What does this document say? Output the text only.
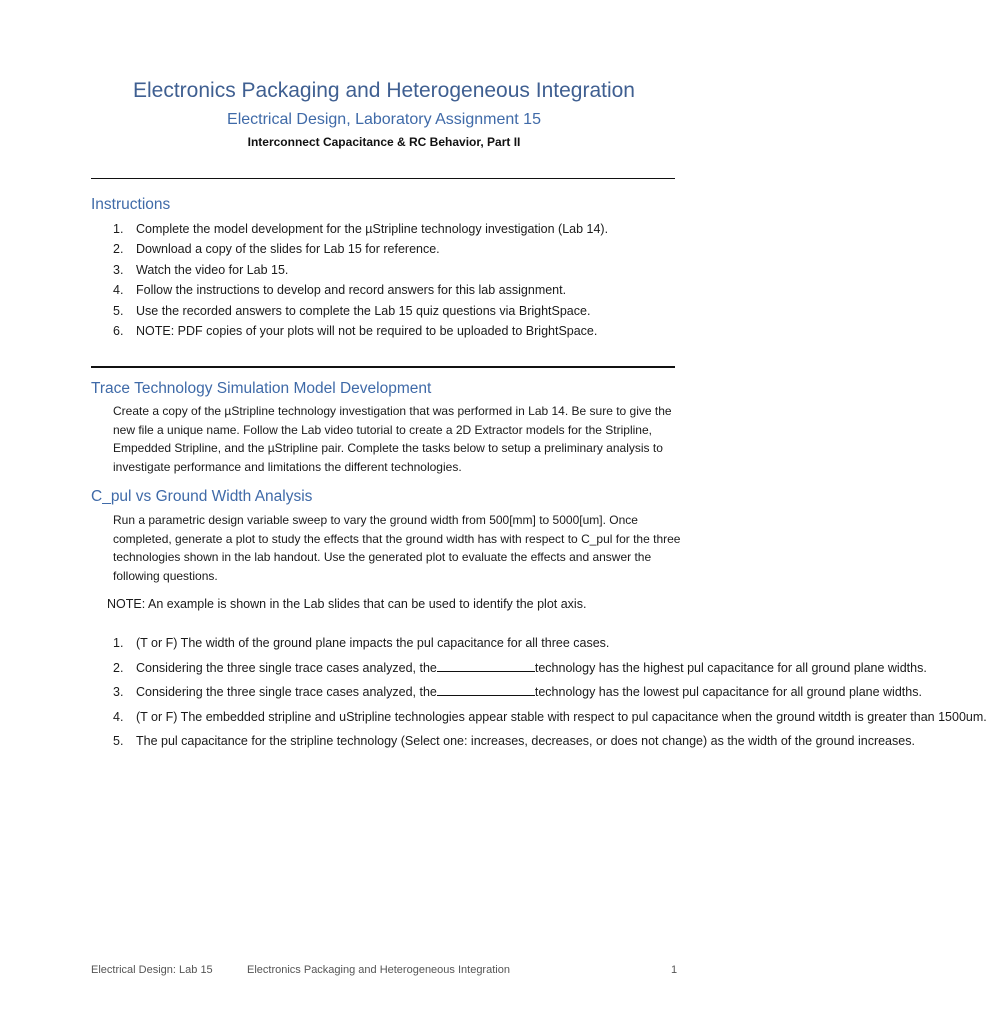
Electronics Packaging and Heterogeneous Integration
Electrical Design, Laboratory Assignment 15
Interconnect Capacitance & RC Behavior, Part II
Instructions
1. Complete the model development for the µStripline technology investigation (Lab 14).
2. Download a copy of the slides for Lab 15 for reference.
3. Watch the video for Lab 15.
4. Follow the instructions to develop and record answers for this lab assignment.
5. Use the recorded answers to complete the Lab 15 quiz questions via BrightSpace.
6. NOTE: PDF copies of your plots will not be required to be uploaded to BrightSpace.
Trace Technology Simulation Model Development

Create a copy of the µStripline technology investigation that was performed in Lab 14. Be sure to give the new file a unique name. Follow the Lab video tutorial to create a 2D Extractor models for the Stripline, Empedded Stripline, and the µStripline pair. Complete the tasks below to setup a preliminary analysis to investigate performance and limitations the different technologies.

C_pul vs Ground Width Analysis

Run a parametric design variable sweep to vary the ground width from 500[mm] to 5000[um]. Once completed, generate a plot to study the effects that the ground width has with respect to C_pul for the three technologies shown in the lab handout. Use the generated plot to evaluate the effects and answer the following questions.

NOTE: An example is shown in the Lab slides that can be used to identify the plot axis.
1. (T or F) The width of the ground plane impacts the pul capacitance for all three cases.
2. Considering the three single trace cases analyzed, the	technology has the highest pul capacitance for all ground plane widths.
3. Considering the three single trace cases analyzed, the	technology has the lowest pul capacitance for all ground plane widths.
4. (T or F) The embedded stripline and uStripline technologies appear stable with respect to pul capacitance when the ground witdth is greater than 1500um.
5. The pul capacitance for the stripline technology (Select one: increases, decreases, or does not change) as the width of the ground increases.
Electrical Design: Lab 15	Electronics Packaging and Heterogeneous Integration	1
